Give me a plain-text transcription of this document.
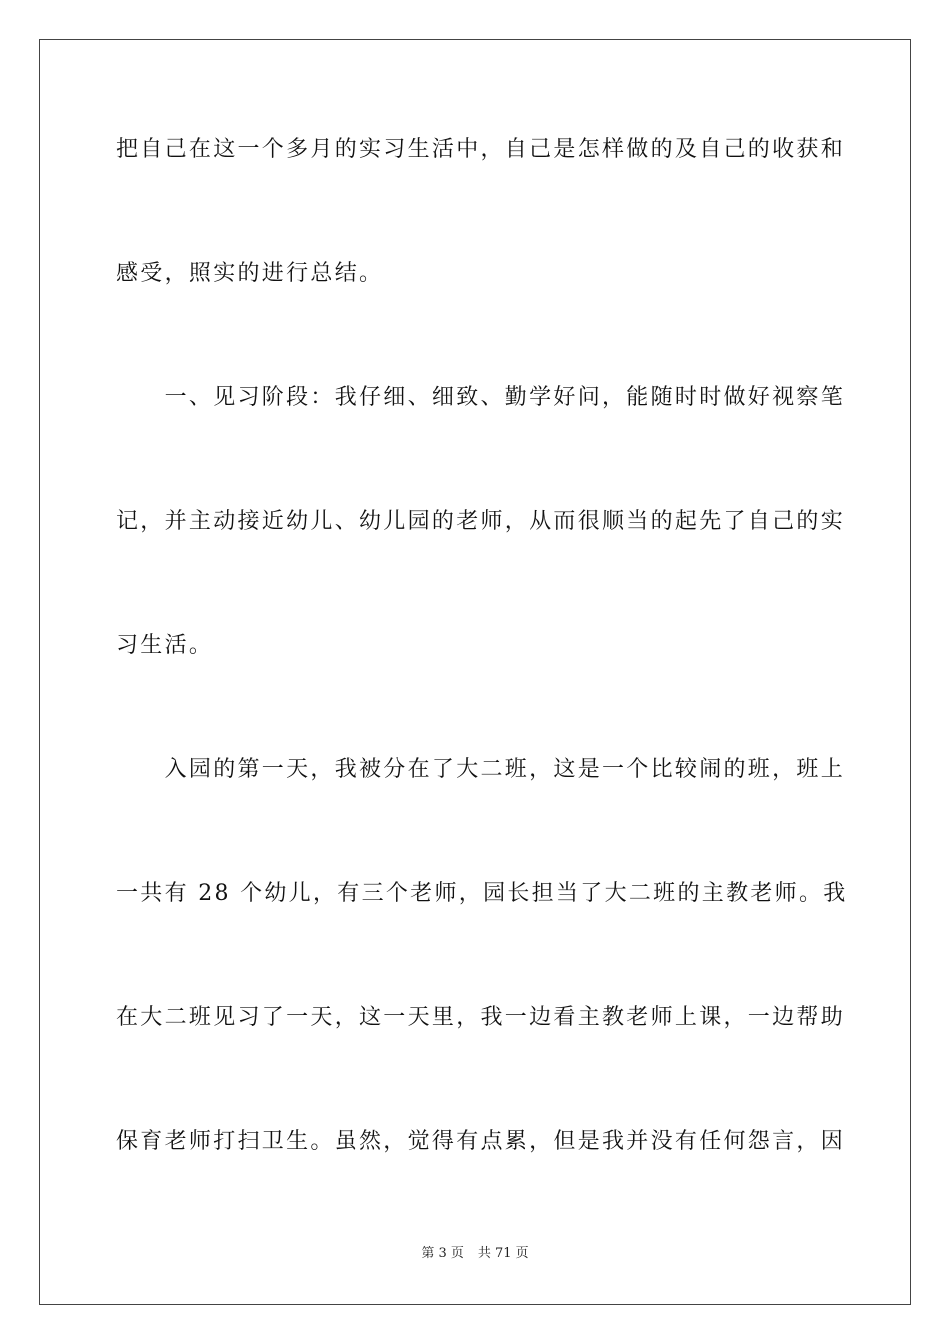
把自己在这一个多月的实习生活中，自己是怎样做的及自己的收获和
感受，照实的进行总结。
　　一、见习阶段：我仔细、细致、勤学好问，能随时时做好视察笔
记，并主动接近幼儿、幼儿园的老师，从而很顺当的起先了自己的实
习生活。
　　入园的第一天，我被分在了大二班，这是一个比较闹的班，班上
一共有 28 个幼儿，有三个老师，园长担当了大二班的主教老师。我
在大二班见习了一天，这一天里，我一边看主教老师上课，一边帮助
保育老师打扫卫生。虽然，觉得有点累，但是我并没有任何怨言，因
第 3 页 共 71 页
